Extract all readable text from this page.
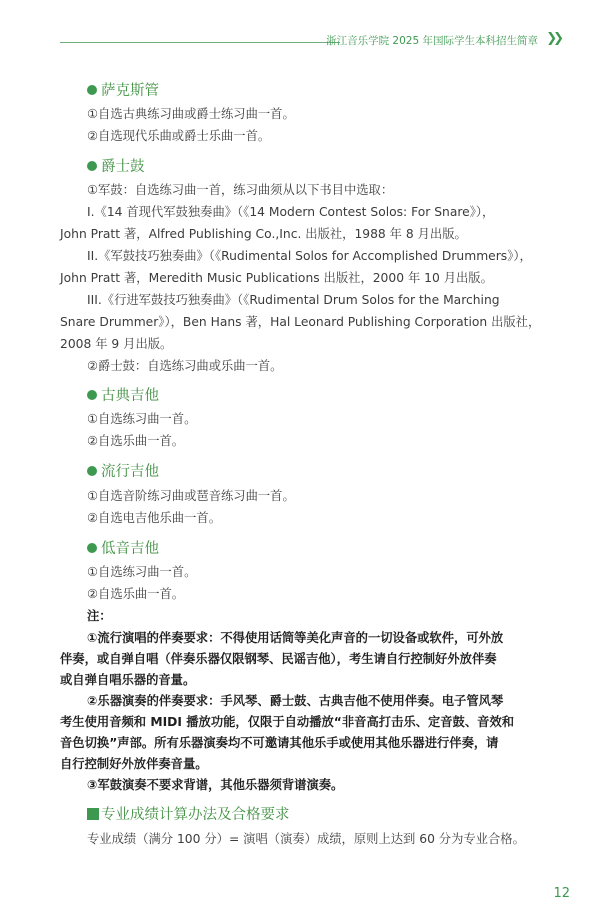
浙江音乐学院 2025 年国际学生本科招生简章 ❯❯
萨克斯管
①自选古典练习曲或爵士练习曲一首。
②自选现代乐曲或爵士乐曲一首。
爵士鼓
①军鼓：自选练习曲一首，练习曲须从以下书目中选取：
I.《14 首现代军鼓独奏曲》（《14 Modern Contest Solos: For Snare》），
John Pratt 著，Alfred Publishing Co.,Inc. 出版社，1988 年 8 月出版。
II.《军鼓技巧独奏曲》（《Rudimental Solos for Accomplished Drummers》），
John Pratt 著，Meredith Music Publications 出版社，2000 年 10 月出版。
III.《行进军鼓技巧独奏曲》（《Rudimental Drum Solos for the Marching
Snare Drummer》），Ben Hans 著，Hal Leonard Publishing Corporation 出版社，
2008 年 9 月出版。
②爵士鼓：自选练习曲或乐曲一首。
古典吉他
①自选练习曲一首。
②自选乐曲一首。
流行吉他
①自选音阶练习曲或琶音练习曲一首。
②自选电吉他乐曲一首。
低音吉他
①自选练习曲一首。
②自选乐曲一首。
注：
①流行演唱的伴奏要求：不得使用话筒等美化声音的一切设备或软件，可外放
伴奏，或自弹自唱（伴奏乐器仅限钢琴、民谣吉他），考生请自行控制好外放伴奏
或自弹自唱乐器的音量。
②乐器演奏的伴奏要求：手风琴、爵士鼓、古典吉他不使用伴奏。电子管风琴
考生使用音频和 MIDI 播放功能，仅限于自动播放“非音高打击乐、定音鼓、音效和
音色切换”声部。所有乐器演奏均不可邀请其他乐手或使用其他乐器进行伴奏，请
自行控制好外放伴奏音量。
③军鼓演奏不要求背谱，其他乐器须背谱演奏。
专业成绩计算办法及合格要求
专业成绩（满分 100 分）= 演唱（演奏）成绩，原则上达到 60 分为专业合格。
12
